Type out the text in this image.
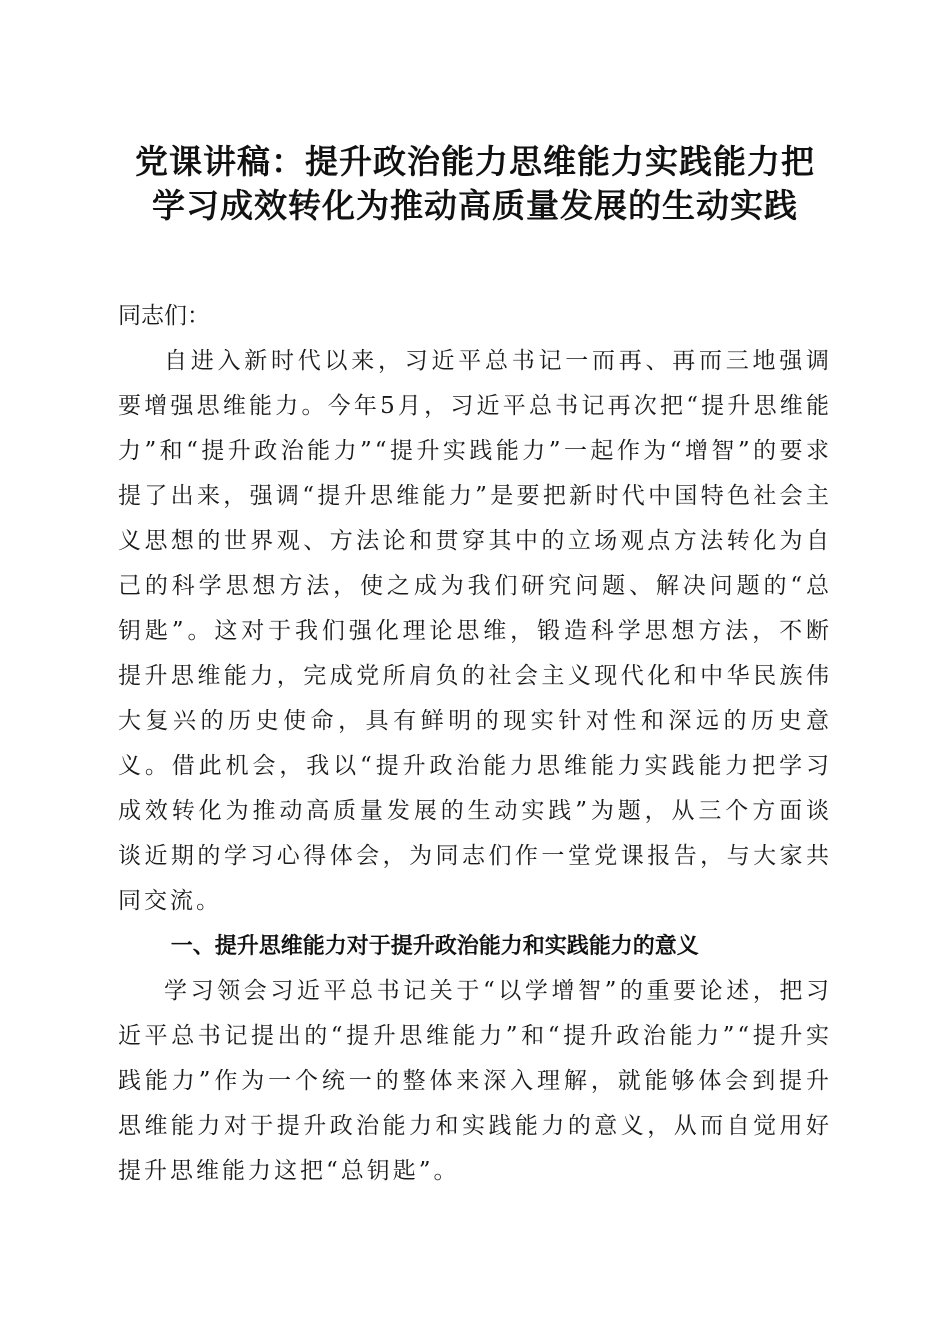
党课讲稿：提升政治能力思维能力实践能力把
学习成效转化为推动高质量发展的生动实践

同志们：

自进入新时代以来，习近平总书记一而再、再而三地强调要增强思维能力。今年5月，习近平总书记再次把“提升思维能力”和“提升政治能力”“提升实践能力”一起作为“增智”的要求提了出来，强调“提升思维能力”是要把新时代中国特色社会主义思想的世界观、方法论和贯穿其中的立场观点方法转化为自己的科学思想方法，使之成为我们研究问题、解决问题的“总钥匙”。这对于我们强化理论思维，锻造科学思想方法，不断提升思维能力，完成党所肩负的社会主义现代化和中华民族伟大复兴的历史使命，具有鲜明的现实针对性和深远的历史意义。借此机会，我以“提升政治能力思维能力实践能力把学习成效转化为推动高质量发展的生动实践”为题，从三个方面谈谈近期的学习心得体会，为同志们作一堂党课报告，与大家共同交流。

一、提升思维能力对于提升政治能力和实践能力的意义

学习领会习近平总书记关于“以学增智”的重要论述，把习近平总书记提出的“提升思维能力”和“提升政治能力”“提升实践能力”作为一个统一的整体来深入理解，就能够体会到提升思维能力对于提升政治能力和实践能力的意义，从而自觉用好提升思维能力这把“总钥匙”。
